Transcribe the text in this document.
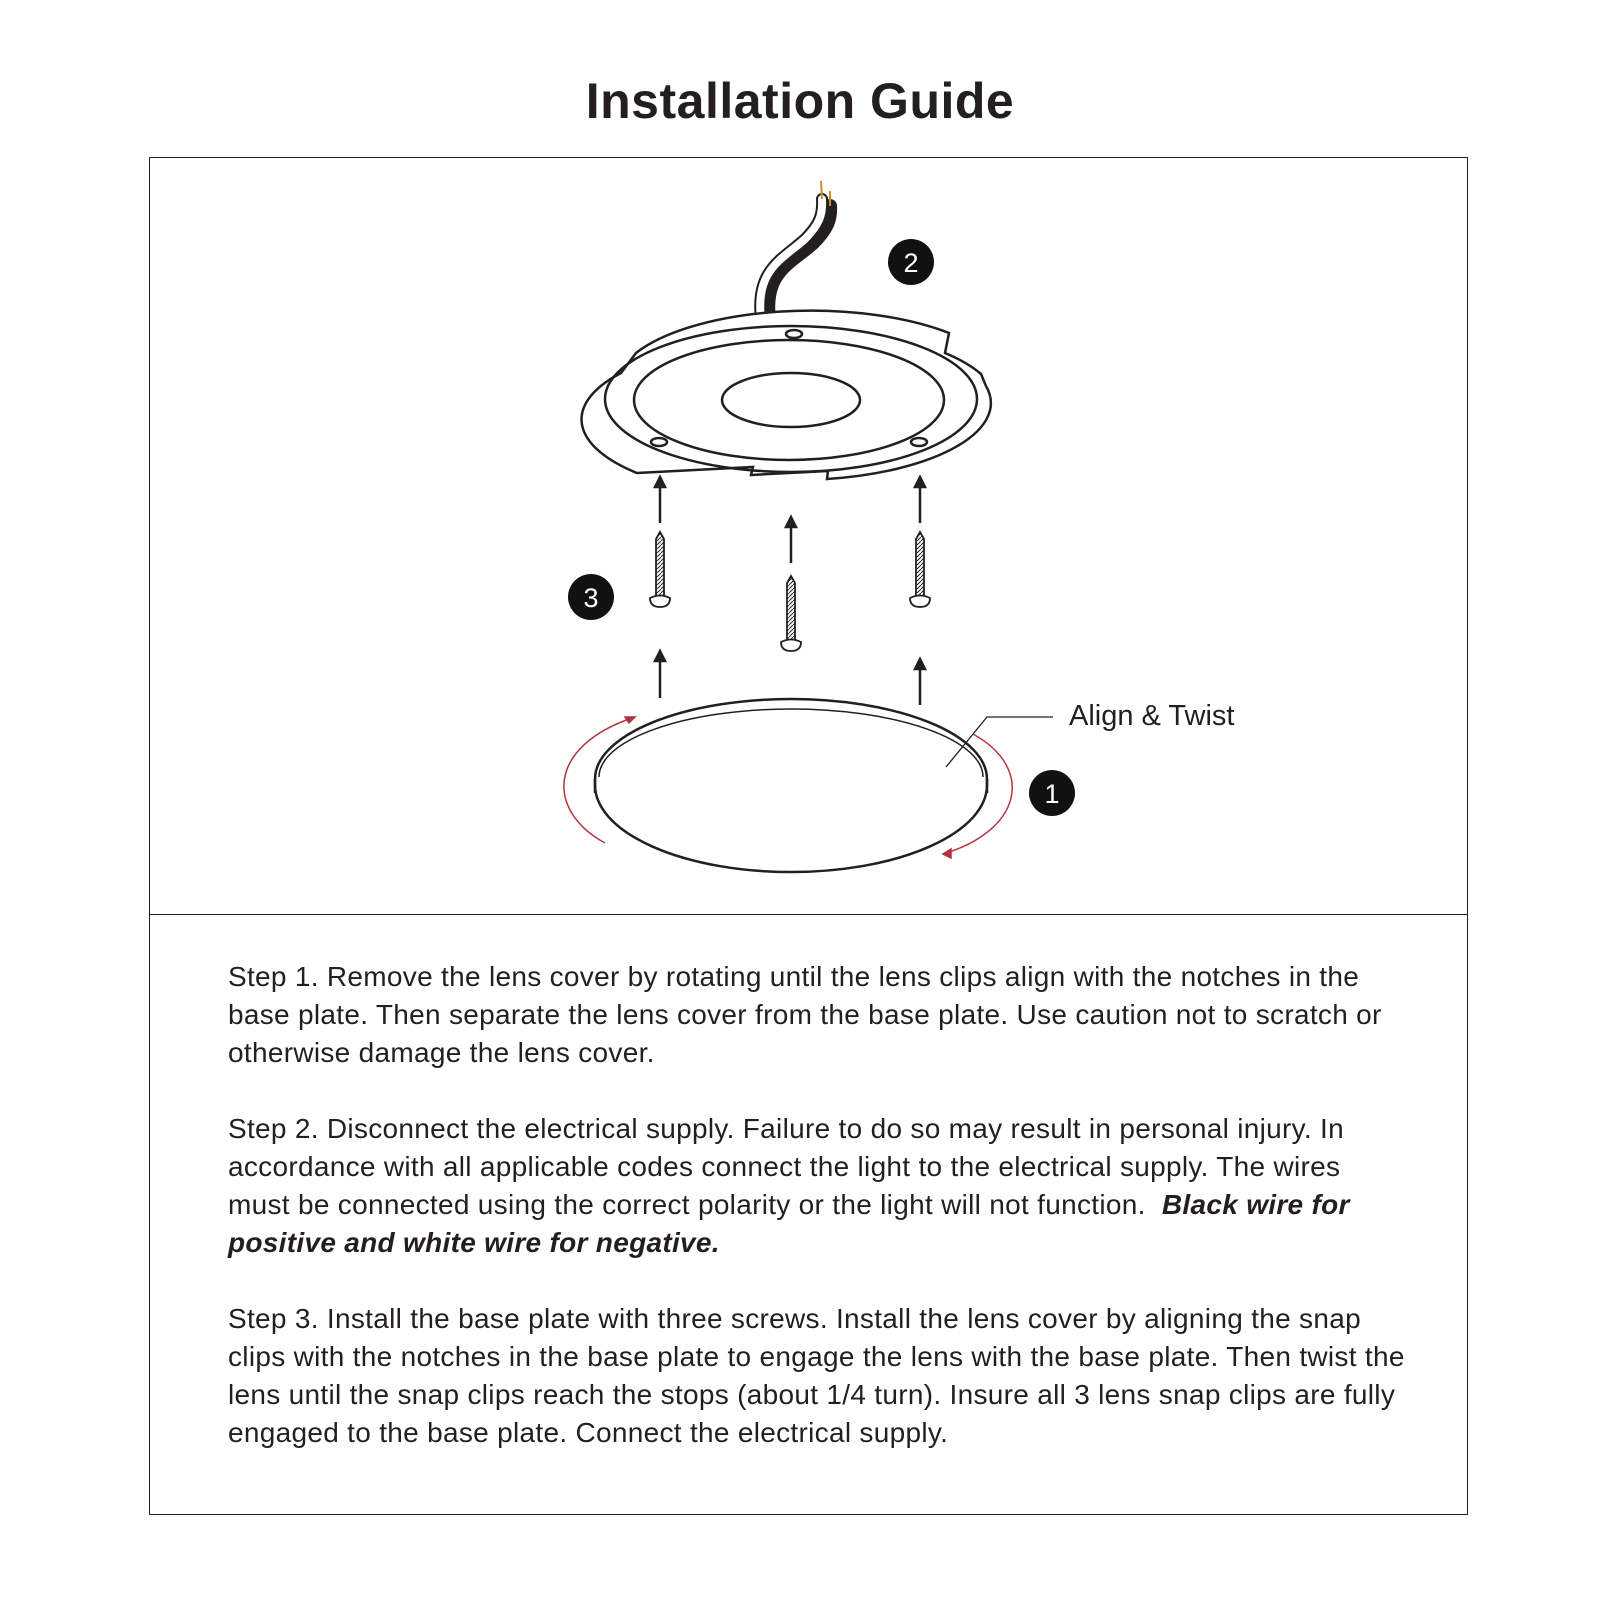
Installation Guide
Align & Twist
1
2
3

Step 1. Remove the lens cover by rotating until the lens clips align with the notches in the base plate. Then separate the lens cover from the base plate. Use caution not to scratch or otherwise damage the lens cover.

Step 2. Disconnect the electrical supply. Failure to do so may result in personal injury. In accordance with all applicable codes connect the light to the electrical supply. The wires must be connected using the correct polarity or the light will not function. Black wire for positive and white wire for negative.

Step 3. Install the base plate with three screws. Install the lens cover by aligning the snap clips with the notches in the base plate to engage the lens with the base plate. Then twist the lens until the snap clips reach the stops (about 1/4 turn). Insure all 3 lens snap clips are fully engaged to the base plate. Connect the electrical supply.
